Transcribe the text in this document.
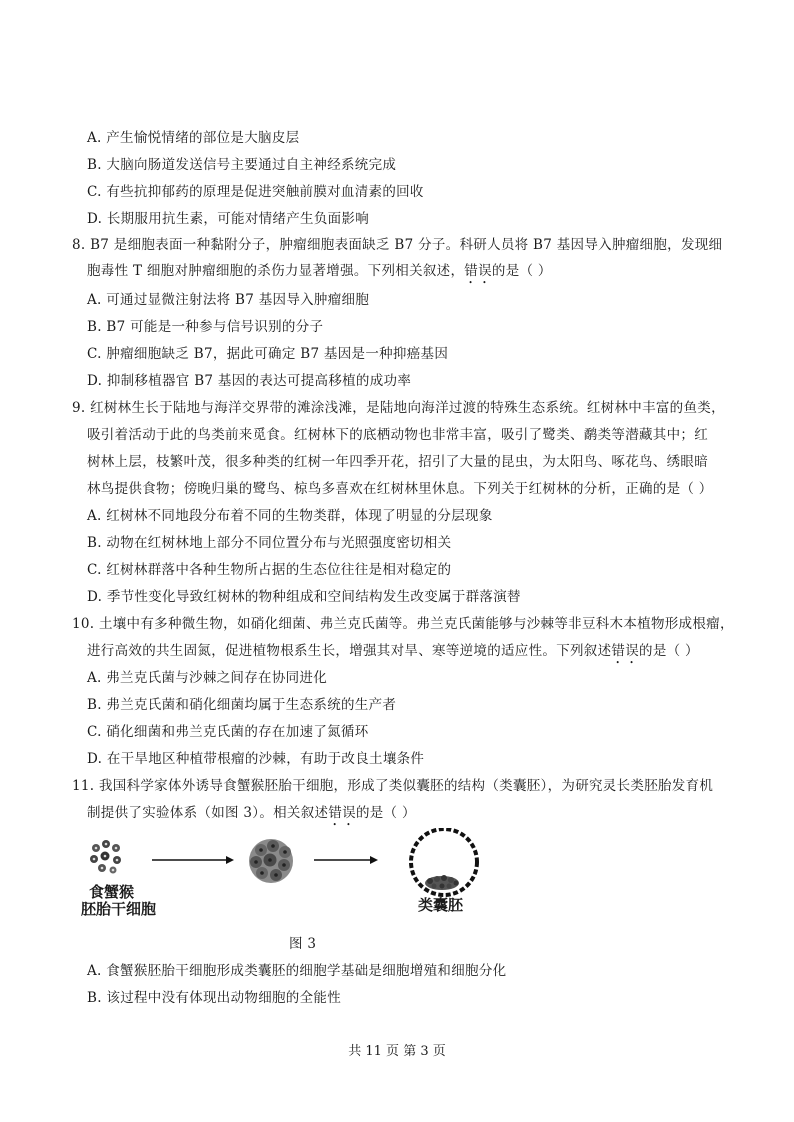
A. 产生愉悦情绪的部位是大脑皮层
B. 大脑向肠道发送信号主要通过自主神经系统完成
C. 有些抗抑郁药的原理是促进突触前膜对血清素的回收
D. 长期服用抗生素，可能对情绪产生负面影响
8. B7 是细胞表面一种黏附分子，肿瘤细胞表面缺乏 B7 分子。科研人员将 B7 基因导入肿瘤细胞，发现细
胞毒性 T 细胞对肿瘤细胞的杀伤力显著增强。下列相关叙述，错误的是（ ）
A. 可通过显微注射法将 B7 基因导入肿瘤细胞
B. B7 可能是一种参与信号识别的分子
C. 肿瘤细胞缺乏 B7，据此可确定 B7 基因是一种抑癌基因
D. 抑制移植器官 B7 基因的表达可提高移植的成功率
9. 红树林生长于陆地与海洋交界带的滩涂浅滩，是陆地向海洋过渡的特殊生态系统。红树林中丰富的鱼类，
吸引着活动于此的鸟类前来觅食。红树林下的底栖动物也非常丰富，吸引了鹭类、鹬类等潜藏其中；红
树林上层，枝繁叶茂，很多种类的红树一年四季开花，招引了大量的昆虫，为太阳鸟、啄花鸟、绣眼暗
林鸟提供食物；傍晚归巢的鹭鸟、椋鸟多喜欢在红树林里休息。下列关于红树林的分析，正确的是（ ）
A. 红树林不同地段分布着不同的生物类群，体现了明显的分层现象
B. 动物在红树林地上部分不同位置分布与光照强度密切相关
C. 红树林群落中各种生物所占据的生态位往往是相对稳定的
D. 季节性变化导致红树林的物种组成和空间结构发生改变属于群落演替
10. 土壤中有多种微生物，如硝化细菌、弗兰克氏菌等。弗兰克氏菌能够与沙棘等非豆科木本植物形成根瘤，
进行高效的共生固氮，促进植物根系生长，增强其对旱、寒等逆境的适应性。下列叙述错误的是（ ）
A. 弗兰克氏菌与沙棘之间存在协同进化
B. 弗兰克氏菌和硝化细菌均属于生态系统的生产者
C. 硝化细菌和弗兰克氏菌的存在加速了氮循环
D. 在干旱地区种植带根瘤的沙棘，有助于改良土壤条件
11. 我国科学家体外诱导食蟹猴胚胎干细胞，形成了类似囊胚的结构（类囊胚），为研究灵长类胚胎发育机
制提供了实验体系（如图 3）。相关叙述错误的是（ ）
食蟹猴
胚胎干细胞	类囊胚
图 3
A. 食蟹猴胚胎干细胞形成类囊胚的细胞学基础是细胞增殖和细胞分化
B. 该过程中没有体现出动物细胞的全能性
共 11 页 第 3 页
